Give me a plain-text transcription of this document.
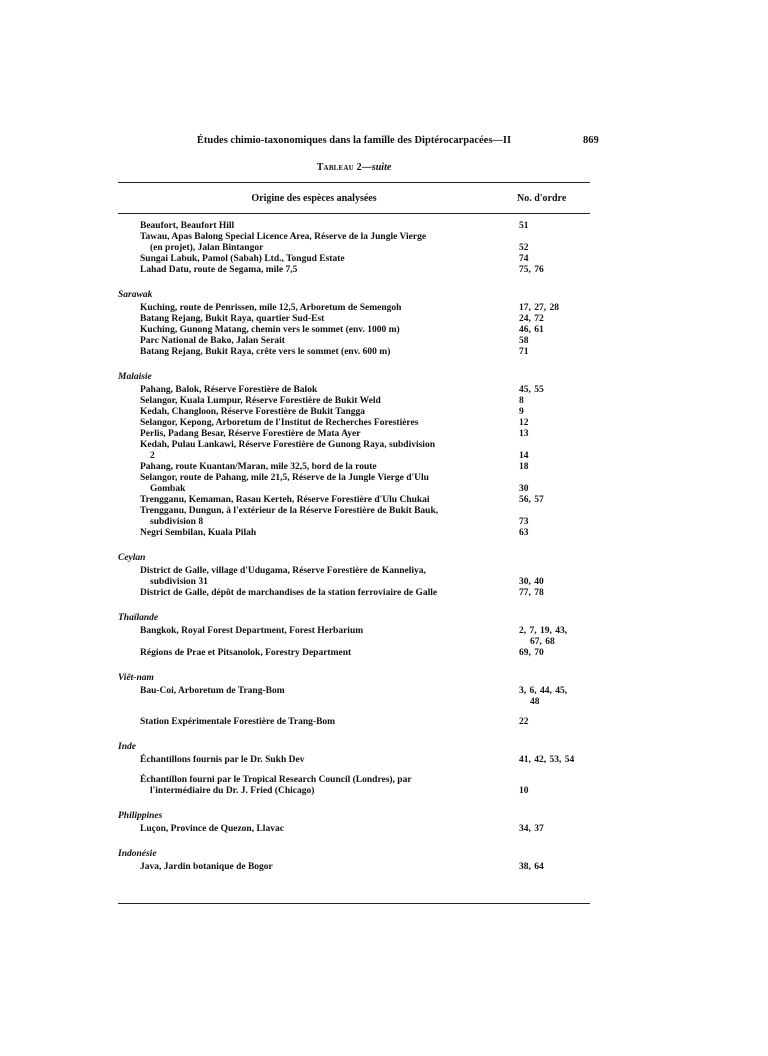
Études chimio-taxonomiques dans la famille des Diptérocarpacées—II	869
Tableau 2—suite
Origine des espèces analysées	No. d'ordre
Beaufort, Beaufort Hill	51
Tawau, Apas Balong Special Licence Area, Réserve de la Jungle Vierge
(en projet), Jalan Bintangor	52
Sungai Labuk, Pamol (Sabah) Ltd., Tongud Estate	74
Lahad Datu, route de Segama, mile 7,5	75, 76
Sarawak
Kuching, route de Penrissen, mile 12,5, Arboretum de Semengoh	17, 27, 28
Batang Rejang, Bukit Raya, quartier Sud-Est	24, 72
Kuching, Gunong Matang, chemin vers le sommet (env. 1000 m)	46, 61
Parc National de Bako, Jalan Serait	58
Batang Rejang, Bukit Raya, crête vers le sommet (env. 600 m)	71
Malaisie
Pahang, Balok, Réserve Forestière de Balok	45, 55
Selangor, Kuala Lumpur, Réserve Forestière de Bukit Weld	8
Kedah, Changloon, Réserve Forestière de Bukit Tangga	9
Selangor, Kepong, Arboretum de l'Institut de Recherches Forestières	12
Perlis, Padang Besar, Réserve Forestière de Mata Ayer	13
Kedah, Pulau Lankawi, Réserve Forestière de Gunong Raya, subdivision
2	14
Pahang, route Kuantan/Maran, mile 32,5, bord de la route	18
Selangor, route de Pahang, mile 21,5, Réserve de la Jungle Vierge d'Ulu
Gombak	30
Trengganu, Kemaman, Rasau Kerteh, Réserve Forestière d'Ulu Chukai	56, 57
Trengganu, Dungun, à l'extérieur de la Réserve Forestière de Bukit Bauk,
subdivision 8	73
Negri Sembilan, Kuala Pilah	63
Ceylan
District de Galle, village d'Udugama, Réserve Forestière de Kanneliya,
subdivision 31	30, 40
District de Galle, dépôt de marchandises de la station ferroviaire de Galle	77, 78
Thaïlande
Bangkok, Royal Forest Department, Forest Herbarium	2, 7, 19, 43,
67, 68
Régions de Prae et Pitsanolok, Forestry Department	69, 70
Viêt-nam
Bau-Coi, Arboretum de Trang-Bom	3, 6, 44, 45,
48
Station Expérimentale Forestière de Trang-Bom	22
Inde
Échantillons fournis par le Dr. Sukh Dev	41, 42, 53, 54
Échantillon fourni par le Tropical Research Council (Londres), par
l'intermédiaire du Dr. J. Fried (Chicago)	10
Philippines
Luçon, Province de Quezon, Llavac	34, 37
Indonésie
Java, Jardin botanique de Bogor	38, 64
